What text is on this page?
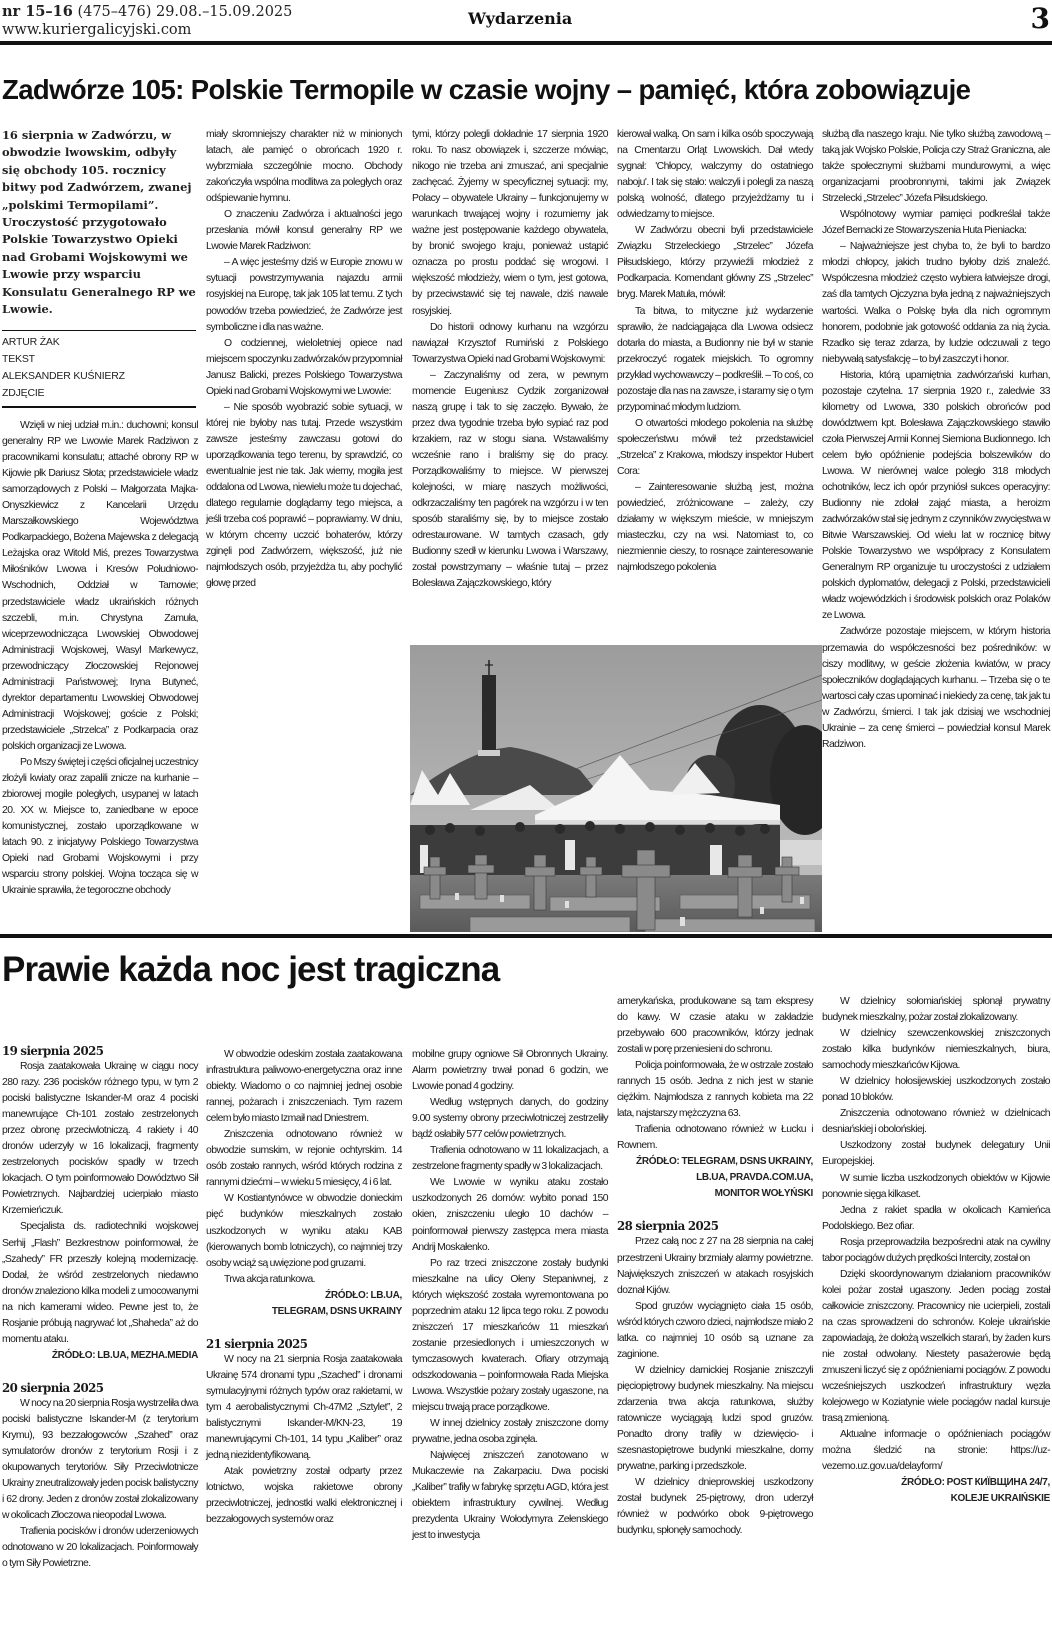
nr 15–16 (475–476) 29.08.–15.09.2025
www.kuriergalicyjski.com
Wydarzenia	3
Zadwórze 105: Polskie Termopile w czasie wojny – pamięć, która zobowiązuje
16 sierpnia w Zadwórzu, w obwodzie lwowskim, odbyły się obchody 105. rocznicy bitwy pod Zadwórzem, zwanej „polskimi Termopilami”. Uroczystość przygotowało Polskie Towarzystwo Opieki nad Grobami Wojskowymi we Lwowie przy wsparciu Konsulatu Generalnego RP we Lwowie.
ARTUR ŻAK
TEKST
ALEKSANDER KUŚNIERZ
ZDJĘCIE

Wzięli w niej udział m.in.: duchowni; konsul generalny RP we Lwowie Marek Radziwon z pracownikami konsulatu; attaché obrony RP w Kijowie płk Dariusz Słota; przedstawiciele władz samorządowych z Polski – Małgorzata Majka-Onyszkiewicz z Kancelarii Urzędu Marszałkowskiego Województwa Podkarpackiego, Bożena Majewska z delegacją Leżajska oraz Witold Miś, prezes Towarzystwa Miłośników Lwowa i Kresów Południowo-Wschodnich, Oddział w Tarnowie; przedstawiciele władz ukraińskich różnych szczebli, m.in. Chrystyna Zamuła, wiceprzewodnicząca Lwowskiej Obwodowej Administracji Wojskowej, Wasyl Markewycz, przewodniczący Złoczowskiej Rejonowej Administracji Państwowej; Iryna Butyneć, dyrektor departamentu Lwowskiej Obwodowej Administracji Wojskowej; goście z Polski; przedstawiciele „Strzelca” z Podkarpacia oraz polskich organizacji ze Lwowa.

Po Mszy świętej i części oficjalnej uczestnicy złożyli kwiaty oraz zapalili znicze na kurhanie – zbiorowej mogile poległych, usypanej w latach 20. XX w. Miejsce to, zaniedbane w epoce komunistycznej, zostało uporządkowane w latach 90. z inicjatywy Polskiego Towarzystwa Opieki nad Grobami Wojskowymi i przy wsparciu strony polskiej. Wojna tocząca się w Ukrainie sprawiła, że tegoroczne obchody

miały skromniejszy charakter niż w minionych latach, ale pamięć o obrońcach 1920 r. wybrzmiała szczególnie mocno. Obchody zakończyła wspólna modlitwa za poległych oraz odśpiewanie hymnu.

O znaczeniu Zadwórza i aktualności jego przesłania mówił konsul generalny RP we Lwowie Marek Radziwon:

– A więc jesteśmy dziś w Europie znowu w sytuacji powstrzymywania najazdu armii rosyjskiej na Europę, tak jak 105 lat temu. Z tych powodów trzeba powiedzieć, że Zadwórze jest symboliczne i dla nas ważne.

O codziennej, wieloletniej opiece nad miejscem spoczynku zadwórzaków przypomniał Janusz Balicki, prezes Polskiego Towarzystwa Opieki nad Grobami Wojskowymi we Lwowie:

– Nie sposób wyobrazić sobie sytuacji, w której nie byłoby nas tutaj. Przede wszystkim zawsze jesteśmy zawczasu gotowi do uporządkowania tego terenu, by sprawdzić, co ewentualnie jest nie tak. Jak wiemy, mogiła jest oddalona od Lwowa, niewielu może tu dojechać, dlatego regularnie doglądamy tego miejsca, a jeśli trzeba coś poprawić – poprawiamy. W dniu, w którym chcemy uczcić bohaterów, którzy zginęli pod Zadwórzem, większość, już nie najmłodszych osób, przyjeżdża tu, aby pochylić głowę przed

tymi, którzy polegli dokładnie 17 sierpnia 1920 roku. To nasz obowiązek i, szczerze mówiąc, nikogo nie trzeba ani zmuszać, ani specjalnie zachęcać. Żyjemy w specyficznej sytuacji: my, Polacy – obywatele Ukrainy – funkcjonujemy w warunkach trwającej wojny i rozumiemy jak ważne jest postępowanie każdego obywatela, by bronić swojego kraju, ponieważ ustąpić oznacza po prostu poddać się wrogowi. I większość młodzieży, wiem o tym, jest gotowa, by przeciwstawić się tej nawale, dziś nawale rosyjskiej.

Do historii odnowy kurhanu na wzgórzu nawiązał Krzysztof Rumiński z Polskiego Towarzystwa Opieki nad Grobami Wojskowymi:

– Zaczynaliśmy od zera, w pewnym momencie Eugeniusz Cydzik zorganizował naszą grupę i tak to się zaczęło. Bywało, że przez dwa tygodnie trzeba było sypiać raz pod krzakiem, raz w stogu siana. Wstawaliśmy wcześnie rano i braliśmy się do pracy. Porządkowaliśmy to miejsce. W pierwszej kolejności, w miarę naszych możliwości, odkrzaczaliśmy ten pagórek na wzgórzu i w ten sposób staraliśmy się, by to miejsce zostało odrestaurowane. W tamtych czasach, gdy Budionny szedł w kierunku Lwowa i Warszawy, został powstrzymany – właśnie tutaj – przez Bolesława Zajączkowskiego, który

kierował walką. On sam i kilka osób spoczywają na Cmentarzu Orląt Lwowskich. Dał wtedy sygnał: 'Chłopcy, walczymy do ostatniego naboju'. I tak się stało: walczyli i polegli za naszą polską wolność, dlatego przyjeżdżamy tu i odwiedzamy to miejsce.

W Zadwórzu obecni byli przedstawiciele Związku Strzeleckiego „Strzelec” Józefa Piłsudskiego, którzy przywieźli młodzież z Podkarpacia. Komendant główny ZS „Strzelec” bryg. Marek Matuła, mówił:

Ta bitwa, to mityczne już wydarzenie sprawiło, że nadciągająca dla Lwowa odsiecz dotarła do miasta, a Budionny nie był w stanie przekroczyć rogatek miejskich. To ogromny przykład wychowawczy – podkreślił. – To coś, co pozostaje dla nas na zawsze, i staramy się o tym przypominać młodym ludziom.

O otwartości młodego pokolenia na służbę społeczeństwu mówił też przedstawiciel „Strzelca” z Krakowa, młodszy inspektor Hubert Cora:

– Zainteresowanie służbą jest, można powiedzieć, zróżnicowane – zależy, czy działamy w większym mieście, w mniejszym miasteczku, czy na wsi. Natomiast to, co niezmiennie cieszy, to rosnące zainteresowanie najmłodszego pokolenia

służbą dla naszego kraju. Nie tylko służbą zawodową – taką jak Wojsko Polskie, Policja czy Straż Graniczna, ale także społecznymi służbami mundurowymi, a więc organizacjami proobronnymi, takimi jak Związek Strzelecki „Strzelec” Józefa Piłsudskiego.

Wspólnotowy wymiar pamięci podkreślał także Józef Bernacki ze Stowarzyszenia Huta Pieniacka:

– Najważniejsze jest chyba to, że byli to bardzo młodzi chłopcy, jakich trudno byłoby dziś znaleźć. Współczesna młodzież często wybiera łatwiejsze drogi, zaś dla tamtych Ojczyzna była jedną z najważniejszych wartości. Walka o Polskę była dla nich ogromnym honorem, podobnie jak gotowość oddania za nią życia. Rzadko się teraz zdarza, by ludzie odczuwali z tego niebywałą satysfakcję – to był zaszczyt i honor.

Historia, którą upamiętnia zadwórzański kurhan, pozostaje czytelna. 17 sierpnia 1920 r., zaledwie 33 kilometry od Lwowa, 330 polskich obrońców pod dowództwem kpt. Bolesława Zajączkowskiego stawiło czoła Pierwszej Armii Konnej Siemiona Budionnego. Ich celem było opóźnienie podejścia bolszewików do Lwowa. W nierównej walce poległo 318 młodych ochotników, lecz ich opór przyniósł sukces operacyjny: Budionny nie zdołał zająć miasta, a heroizm zadwórzaków stał się jednym z czynników zwycięstwa w Bitwie Warszawskiej. Od wielu lat w rocznicę bitwy Polskie Towarzystwo we współpracy z Konsulatem Generalnym RP organizuje tu uroczystości z udziałem polskich dyplomatów, delegacji z Polski, przedstawicieli władz wojewódzkich i środowisk polskich oraz Polaków ze Lwowa.

Zadwórze pozostaje miejscem, w którym historia przemawia do współczesności bez pośredników: w ciszy modlitwy, w geście złożenia kwiatów, w pracy społeczników doglądających kurhanu. – Trzeba się o te wartosci cały czas upominać i niekiedy za cenę, tak jak tu w Zadwórzu, śmierci. I tak jak dzisiaj we wschodniej Ukrainie – za cenę śmierci – powiedział konsul Marek Radziwon.

Prawie każda noc jest tragiczna

19 sierpnia 2025

Rosja zaatakowała Ukrainę w ciągu nocy 280 razy. 236 pocisków różnego typu, w tym 2 pociski balistyczne Iskander-M oraz 4 pociski manewrujące Ch-101 zostało zestrzelonych przez obronę przeciwlotniczą. 4 rakiety i 40 dronów uderzyły w 16 lokalizacji, fragmenty zestrzelonych pocisków spadły w trzech lokacjach. O tym poinformowało Dowództwo Sił Powietrznych. Najbardziej ucierpiało miasto Krzemieńczuk.

Specjalista ds. radiotechniki wojskowej Serhij „Flash” Bezkrestnow poinformował, że „Szahedy” FR przeszły kolejną modernizację. Dodał, że wśród zestrzelonych niedawno dronów znaleziono kilka modeli z umocowanymi na nich kamerami wideo. Pewne jest to, że Rosjanie próbują nagrywać lot „Shaheda” aż do momentu ataku.

ŹRÓDŁO: LB.UA, MEZHA.MEDIA

20 sierpnia 2025

W nocy na 20 sierpnia Rosja wystrzeliła dwa pociski balistyczne Iskander-M (z terytorium Krymu), 93 bezzałogowców „Szahed” oraz symulatorów dronów z terytorium Rosji i z okupowanych terytoriów. Siły Przeciwlotnicze Ukrainy zneutralizowały jeden pocisk balistyczny i 62 drony. Jeden z dronów został zlokalizowany w okolicach Złoczowa nieopodal Lwowa.

Trafienia pocisków i dronów uderzeniowych odnotowano w 20 lokalizacjach. Poinformowały o tym Siły Powietrzne.

W obwodzie odeskim została zaatakowana infrastruktura paliwowo-energetyczna oraz inne obiekty. Wiadomo o co najmniej jednej osobie rannej, pożarach i zniszczeniach. Tym razem celem było miasto Izmaił nad Dniestrem.

Zniszczenia odnotowano również w obwodzie sumskim, w rejonie ochtyrskim. 14 osób zostało rannych, wśród których rodzina z rannymi dziećmi – w wieku 5 miesięcy, 4 i 6 lat.

W Kostiantynówce w obwodzie donieckim pięć budynków mieszkalnych zostało uszkodzonych w wyniku ataku KAB (kierowanych bomb lotniczych), co najmniej trzy osoby wciąż są uwięzione pod gruzami.

Trwa akcja ratunkowa.

ŹRÓDŁO: LB.UA,

TELEGRAM, DSNS UKRAINY

21 sierpnia 2025

W nocy na 21 sierpnia Rosja zaatakowała Ukrainę 574 dronami typu „Szached” i dronami symulacyjnymi różnych typów oraz rakietami, w tym 4 aerobalistycznymi Ch-47M2 „Sztylet”, 2 balistycznymi Iskander-M/KN-23, 19 manewrującymi Ch-101, 14 typu „Kaliber” oraz jedną niezidentyfikowaną.

Atak powietrzny został odparty przez lotnictwo, wojska rakietowe obrony przeciwlotniczej, jednostki walki elektronicznej i bezzałogowych systemów oraz

mobilne grupy ogniowe Sił Obronnych Ukrainy. Alarm powietrzny trwał ponad 6 godzin, we Lwowie ponad 4 godziny.

Według wstępnych danych, do godziny 9.00 systemy obrony przeciwlotniczej zestrzeliły bądź osłabiły 577 celów powietrznych.

Trafienia odnotowano w 11 lokalizacjach, a zestrzelone fragmenty spadły w 3 lokalizacjach.

We Lwowie w wyniku ataku zostało uszkodzonych 26 domów: wybito ponad 150 okien, zniszczeniu uległo 10 dachów – poinformował pierwszy zastępca mera miasta Andrij Moskałenko.

Po raz trzeci zniszczone zostały budynki mieszkalne na ulicy Ołeny Stepaniwnej, z których większość została wyremontowana po poprzednim ataku 12 lipca tego roku. Z powodu zniszczeń 17 mieszkańców 11 mieszkań zostanie przesiedlonych i umieszczonych w tymczasowych kwaterach. Ofiary otrzymają odszkodowania – poinformowała Rada Miejska Lwowa. Wszystkie pożary zostały ugaszone, na miejscu trwają prace porządkowe.

W innej dzielnicy zostały zniszczone domy prywatne, jedna osoba zginęła.

Najwięcej zniszczeń zanotowano w Mukaczewie na Zakarpaciu. Dwa pociski „Kaliber” trafiły w fabrykę sprzętu AGD, która jest obiektem infrastruktury cywilnej. Według prezydenta Ukrainy Wołodymyra Zełenskiego jest to inwestycja

amerykańska, produkowane są tam ekspresy do kawy. W czasie ataku w zakładzie przebywało 600 pracowników, którzy jednak zostali w porę przeniesieni do schronu.

Policja poinformowała, że w ostrzale zostało rannych 15 osób. Jedna z nich jest w stanie ciężkim. Najmłodsza z rannych kobieta ma 22 lata, najstarszy mężczyzna 63.

Trafienia odnotowano również w Łucku i Rownem.

ŹRÓDŁO: TELEGRAM, DSNS UKRAINY,

LB.UA, PRAVDA.COM.UA,

MONITOR WOŁYŃSKI

28 sierpnia 2025

Przez całą noc z 27 na 28 sierpnia na całej przestrzeni Ukrainy brzmiały alarmy powietrzne. Największych zniszczeń w atakach rosyjskich doznał Kijów.

Spod gruzów wyciągnięto ciała 15 osób, wśród których czworo dzieci, najmłodsze miało 2 latka. co najmniej 10 osób są uznane za zaginione.

W dzielnicy darnickiej Rosjanie zniszczyli pięciopiętrowy budynek mieszkalny. Na miejscu zdarzenia trwa akcja ratunkowa, służby ratownicze wyciągają ludzi spod gruzów. Ponadto drony trafiły w dziewięcio- i szesnastopiętrowe budynki mieszkalne, domy prywatne, parking i przedszkole.

W dzielnicy dnieprowskiej uszkodzony został budynek 25-piętrowy, dron uderzył również w podwórko obok 9-piętrowego budynku, spłonęły samochody.

W dzielnicy sołomiańskiej spłonął prywatny budynek mieszkalny, pożar został zlokalizowany.

W dzielnicy szewczenkowskiej zniszczonych zostało kilka budynków niemieszkalnych, biura, samochody mieszkańców Kijowa.

W dzielnicy hołosijewskiej uszkodzonych zostało ponad 10 bloków.

Zniszczenia odnotowano również w dzielnicach desniańskiej i obolońskiej.

Uszkodzony został budynek delegatury Unii Europejskiej.

W sumie liczba uszkodzonych obiektów w Kijowie ponownie sięga kilkaset.

Jedna z rakiet spadła w okolicach Kamieńca Podolskiego. Bez ofiar.

Rosja przeprowadziła bezpośredni atak na cywilny tabor pociągów dużych prędkości Intercity, został on

Dzięki skoordynowanym działaniom pracowników kolei pożar został ugaszony. Jeden pociąg został całkowicie zniszczony. Pracownicy nie ucierpieli, zostali na czas sprowadzeni do schronów. Koleje ukraińskie zapowiadają, że dołożą wszelkich starań, by żaden kurs nie został odwołany. Niestety pasażerowie będą zmuszeni liczyć się z opóźnieniami pociągów. Z powodu wcześniejszych uszkodzeń infrastruktury węzła kolejowego w Koziatynie wiele pociągów nadal kursuje trasą zmienioną.

Aktualne informacje o opóźnieniach pociągów można śledzić na stronie: https://uz-vezemo.uz.gov.ua/delayform/

ŹRÓDŁO: POST КИЇВЩИНА 24/7,

KOLEJE UKRAIŃSKIE
